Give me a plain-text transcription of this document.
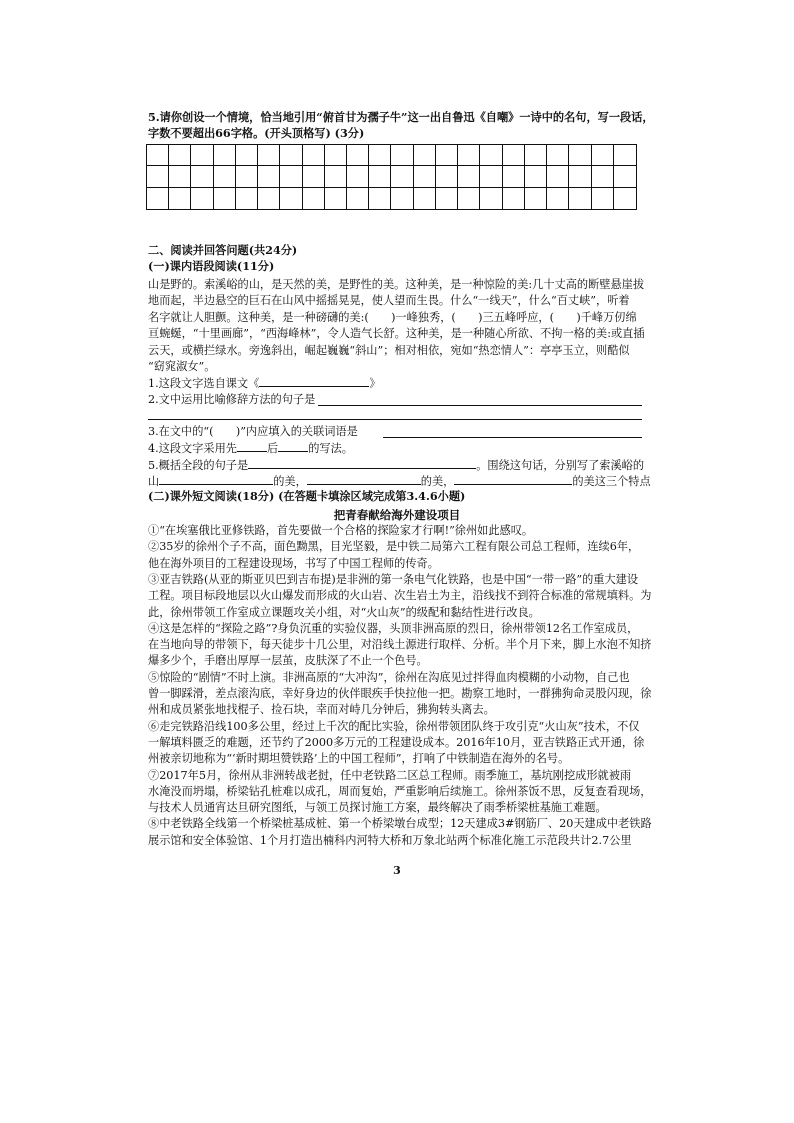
5.请你创设一个情境，恰当地引用“俯首甘为孺子牛”这一出自鲁迅《自嘲》一诗中的名句，写一段话，
字数不要超出66字格。(开头顶格写) (3分)
二、阅读并回答问题(共24分)
(一)课内语段阅读(11分)
山是野的。索溪峪的山，是天然的美，是野性的美。这种美，是一种惊险的美:几十丈高的断壁悬崖拔
地而起，半边悬空的巨石在山风中摇摇晃晃，使人望而生畏。什么“一线天”，什么“百丈峡”，听着
名字就让人胆颤。这种美，是一种磅礴的美:(　　)一峰独秀，(　　)三五峰呼应，(　　)千峰万仞绵
亘蜿蜒，“十里画廊”，“西海峰林”，令人造气长舒。这种美，是一种随心所欲、不拘一格的美:或直插
云天，或横拦绿水。旁逸斜出，崛起巍巍“斜山”；相对相依，宛如“热恋情人”：亭亭玉立，则酷似
“窈窕淑女”。
1.这段文字选自课文《	》
2.文中运用比喻修辞方法的句子是
3.在文中的“(　　)”内应填入的关联词语是
4.这段文字采用先	后	的写法。
5.概括全段的句子是	。围绕这句话，分别写了索溪峪的
山	的美，	的美，	的美这三个特点
(二)课外短文阅读(18分) (在答题卡填涂区域完成第3.4.6小题)
把青春献给海外建设项目
①“在埃塞俄比亚修铁路，首先要做一个合格的探险家才行啊!”徐州如此感叹。
②35岁的徐州个子不高，面色黝黑，目光坚毅，是中铁二局第六工程有限公司总工程师，连续6年，
他在海外项目的工程建设现场，书写了中国工程师的传奇。
③亚吉铁路(从亚的斯亚贝巴到吉布提)是非洲的第一条电气化铁路，也是中国“一带一路”的重大建设
工程。项目标段地层以火山爆发而形成的火山岩、次生岩土为主，沿线找不到符合标准的常规填料。为
此，徐州带领工作室成立课题攻关小组，对“火山灰”的级配和黏结性进行改良。
④这是怎样的“探险之路”?身负沉重的实验仪器，头顶非洲高原的烈日，徐州带领12名工作室成员，
在当地向导的带领下，每天徒步十几公里，对沿线土源进行取样、分析。半个月下来，脚上水泡不知挤
爆多少个，手磨出厚厚一层茧，皮肤深了不止一个色号。
⑤惊险的“剧情”不时上演。非洲高原的“大冲沟”，徐州在沟底见过拌得血肉模糊的小动物，自己也
曾一脚踩滑，差点滚沟底，幸好身边的伙伴眼疾手快拉他一把。勘察工地时，一群狒狗命灵股闪现，徐
州和成员紧张地找棍子、捡石块，幸而对峙几分钟后，狒狗转头离去。
⑥走完铁路沿线100多公里，经过上千次的配比实验，徐州带领团队终于攻引克“火山灰”技术，不仅
一解填料匮乏的难题，还节约了2000多万元的工程建设成本。2016年10月，亚吉铁路正式开通，徐
州被亲切地称为“‘新时期坦赞铁路’上的中国工程师”，打响了中铁制造在海外的名号。
⑦2017年5月，徐州从非洲转战老挝，任中老铁路二区总工程师。雨季施工，基坑刚挖成形就被雨
水淹没而坍塌，桥梁钻孔桩难以成孔，周而复始，严重影响后续施工。徐州茶饭不思，反复查看现场，
与技术人员通宵达旦研究图纸，与领工员探讨施工方案，最终解决了雨季桥梁桩基施工难题。
⑧中老铁路全线第一个桥梁桩基成桩、第一个桥梁墩台成型；12天建成3#钢筋厂、20天建成中老铁路
展示馆和安全体验馆、1个月打造出楠科内河特大桥和万象北站两个标准化施工示范段共计2.7公里
3
